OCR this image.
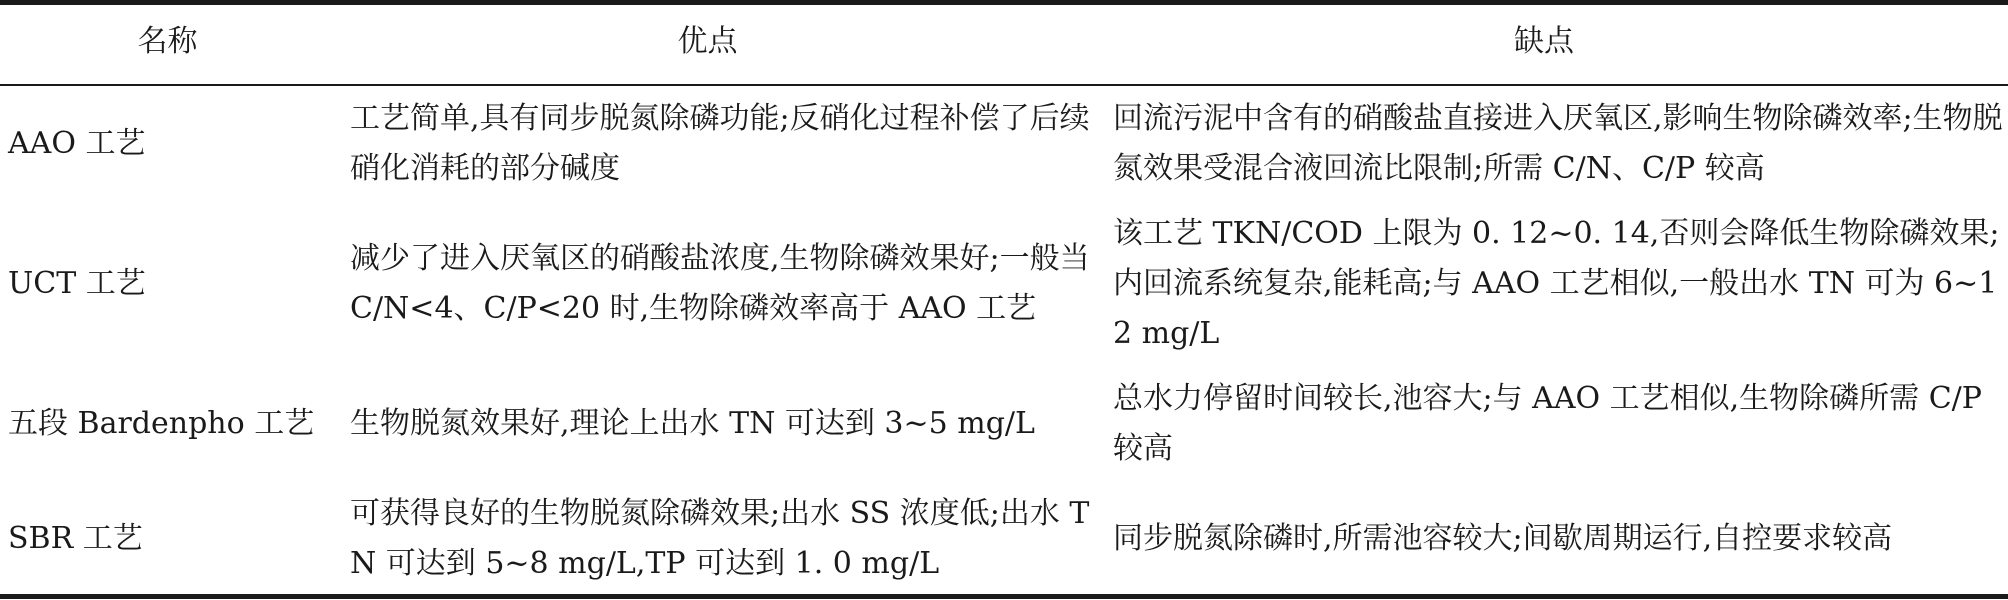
名称	优点	缺点
AAO 工艺
工艺简单,具有同步脱氮除磷功能;反硝化过程补偿了后续硝化消耗的部分碱度
回流污泥中含有的硝酸盐直接进入厌氧区,影响生物除磷效率;生物脱氮效果受混合液回流比限制;所需 C/N、C/P 较高
UCT 工艺
减少了进入厌氧区的硝酸盐浓度,生物除磷效果好;一般当 C/N<4、C/P<20 时,生物除磷效率高于 AAO 工艺
该工艺 TKN/COD 上限为 0. 12~0. 14,否则会降低生物除磷效果;内回流系统复杂,能耗高;与 AAO 工艺相似,一般出水 TN 可为 6~12 mg/L
五段 Bardenpho 工艺 生物脱氮效果好,理论上出水 TN 可达到 3~5 mg/L
总水力停留时间较长,池容大;与 AAO 工艺相似,生物除磷所需 C/P 较高
SBR 工艺
可获得良好的生物脱氮除磷效果;出水 SS 浓度低;出水 TN 可达到 5~8 mg/L,TP 可达到 1. 0 mg/L
同步脱氮除磷时,所需池容较大;间歇周期运行,自控要求较高
